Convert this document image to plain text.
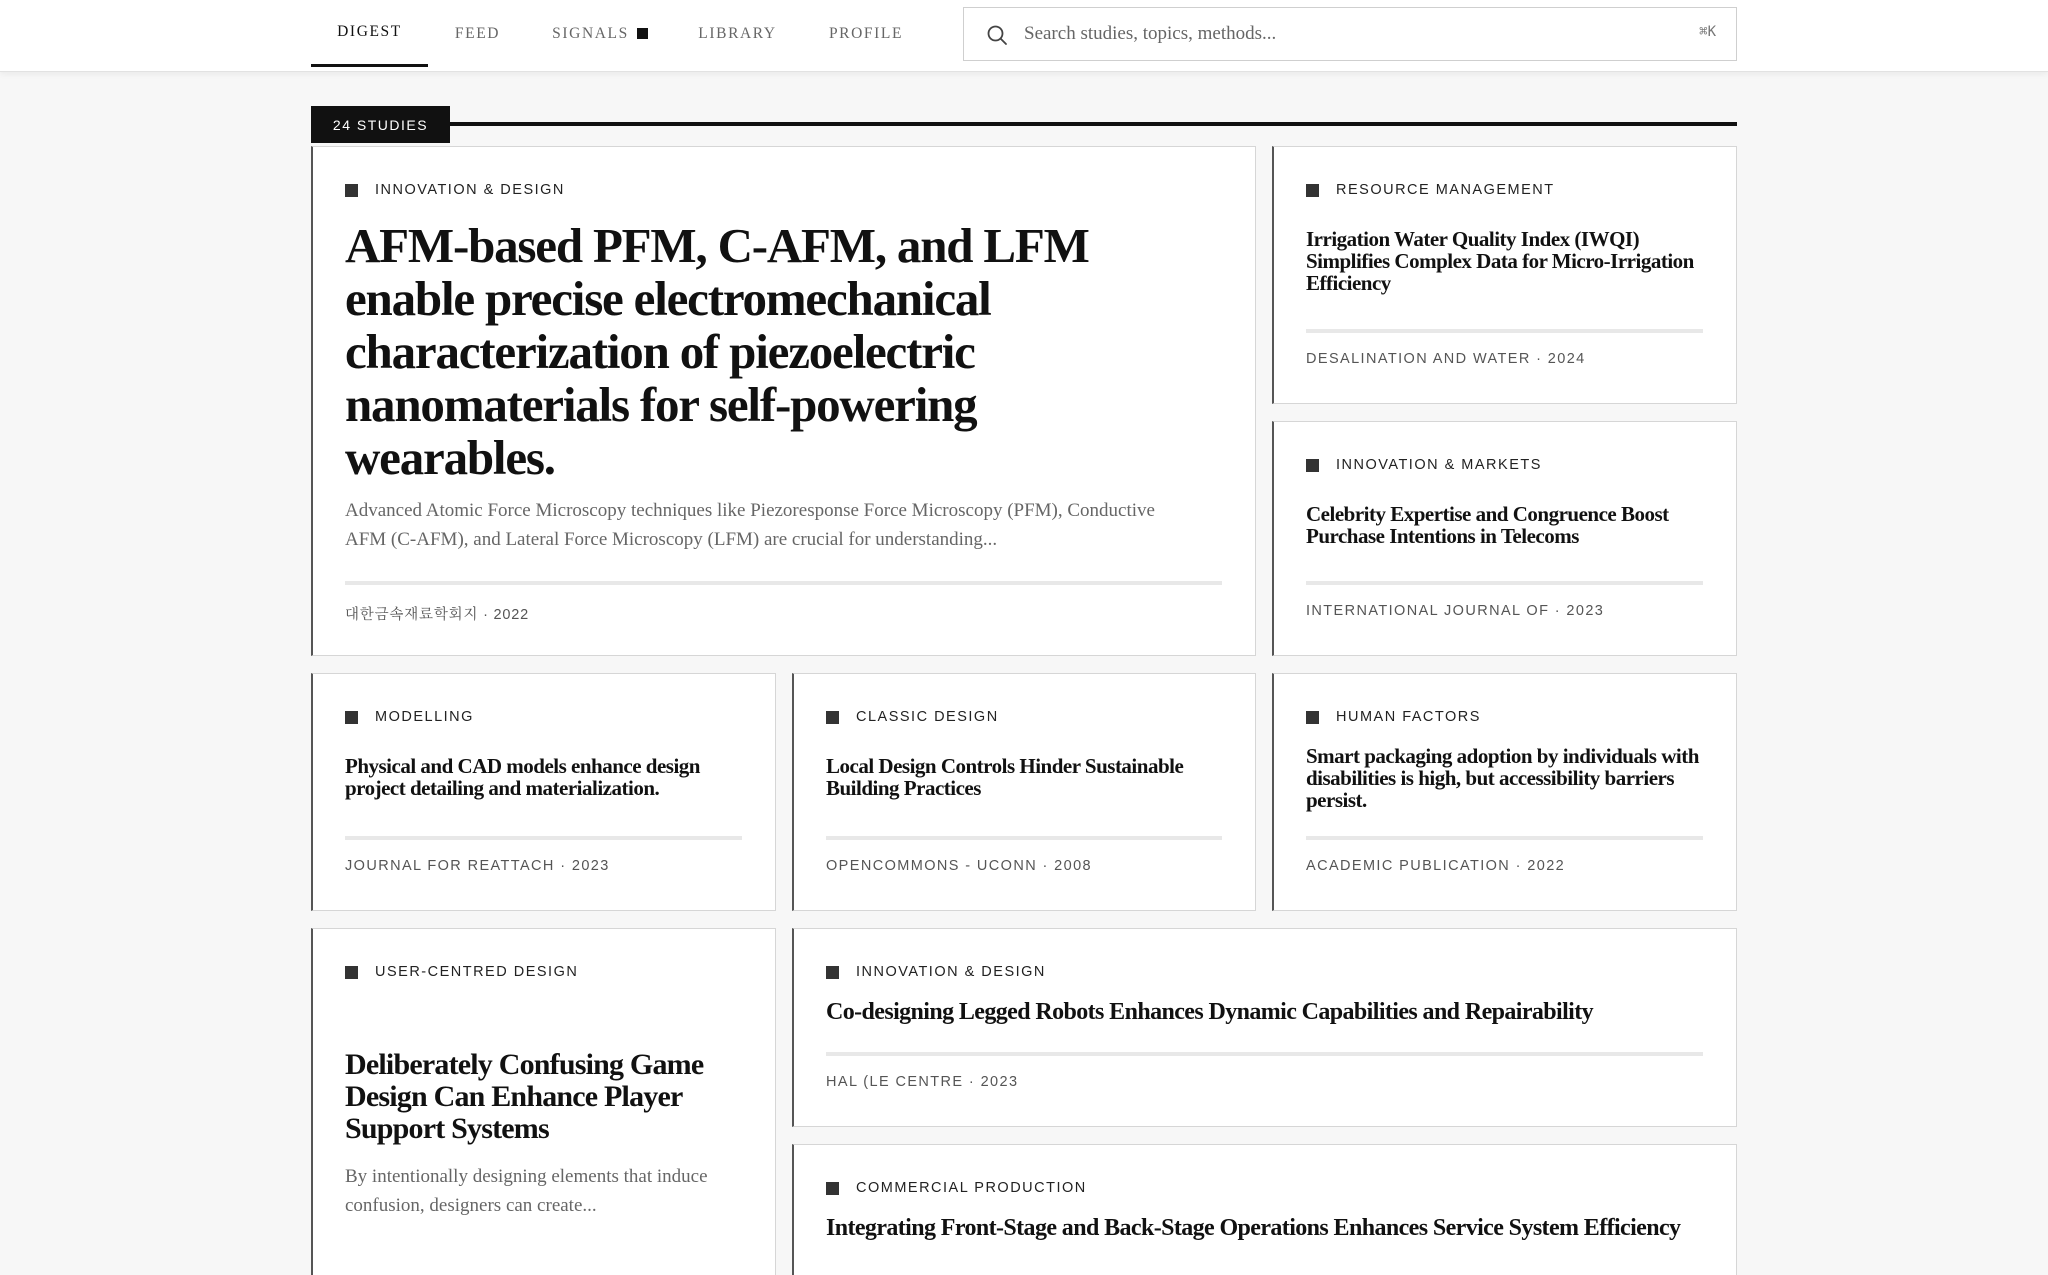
DIGEST	FEED	SIGNALS	LIBRARY	PROFILE
Search studies, topics, methods...	⌘K
24 STUDIES
INNOVATION & DESIGN
AFM-based PFM, C-AFM, and LFM enable precise electromechanical characterization of piezoelectric nanomaterials for self-powering wearables.
Advanced Atomic Force Microscopy techniques like Piezoresponse Force Microscopy (PFM), Conductive AFM (C-AFM), and Lateral Force Microscopy (LFM) are crucial for understanding...
대한금속재료학회지 · 2022
RESOURCE MANAGEMENT
Irrigation Water Quality Index (IWQI) Simplifies Complex Data for Micro-Irrigation Efficiency
DESALINATION AND WATER · 2024
INNOVATION & MARKETS
Celebrity Expertise and Congruence Boost Purchase Intentions in Telecoms
INTERNATIONAL JOURNAL OF · 2023
MODELLING
Physical and CAD models enhance design project detailing and materialization.
JOURNAL FOR REATTACH · 2023
CLASSIC DESIGN
Local Design Controls Hinder Sustainable Building Practices
OPENCOMMONS - UCONN · 2008
HUMAN FACTORS
Smart packaging adoption by individuals with disabilities is high, but accessibility barriers persist.
ACADEMIC PUBLICATION · 2022
USER-CENTRED DESIGN
Deliberately Confusing Game Design Can Enhance Player Support Systems
By intentionally designing elements that induce confusion, designers can create...
INNOVATION & DESIGN
Co-designing Legged Robots Enhances Dynamic Capabilities and Repairability
HAL (LE CENTRE · 2023
COMMERCIAL PRODUCTION
Integrating Front-Stage and Back-Stage Operations Enhances Service System Efficiency
